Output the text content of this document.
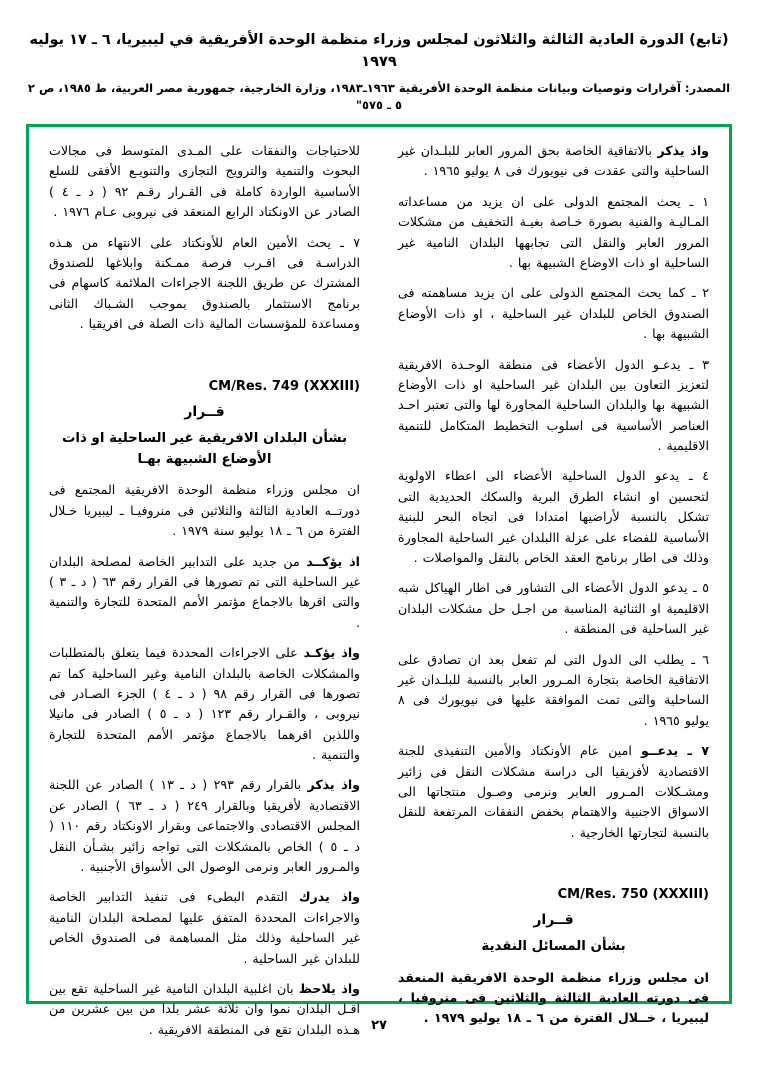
(تابع) الدورة العادية الثالثة والثلاثون لمجلس وزراء منظمة الوحدة الأفريقية في ليبيريا، ٦ ـ ١٧ يوليه ١٩٧٩
المصدر: آقرارات وتوصيات وبيانات منظمة الوحدة الأفريقية ١٩٦٣ـ١٩٨٣، وزارة الخارجية، جمهورية مصر العربية، ط ١٩٨٥، ص ٢ ٥ ـ ٥٧٥"

واذ يذكر بالاتفاقية الخاصة بحق المرور العابر للبلـدان غير الساحلية والتى عقدت فى نيويورك فى ٨ يوليو ١٩٦٥ .

١ ـ يحث المجتمع الدولى على ان يزيد من مساعداته المـاليـة والفنية بصورة خـاصة بغيـة التخفيف من مشكلات المرور العابر والنقل التى تجابهها البلدان النامية غير الساحلية او ذات الاوضاع الشبيهة بها .

٢ ـ كما يحث المجتمع الدولى على ان يزيد مساهمته فى الصندوق الخاص للبلدان غير الساحلية ، او ذات الأوضاع الشبيهة بها .

٣ ـ يدعـو الدول الأعضاء فى منطقة الوحـدة الافريقية لتعزيز التعاون بين البلدان غير الساحلية او ذات الأوضاع الشبيهة بها والبلدان الساحلية المجاورة لها والتى تعتبر احـد العناصر الأساسية فى اسلوب التخطيط المتكامل للتنمية الاقليمية .

٤ ـ يدعو الدول الساحلية الأعضاء الى اعطاء الاولوية لتحسين او انشاء الطرق البرية والسكك الحديدية التى تشكل بالنسبة لأراضيها امتدادا فى اتجاه البحر للبنية الأساسية للفضاء على عزلة االبلدان غير الساحلية المجاورة وذلك فى اطار برنامج العقد الخاص بالنقل والمواصلات .

٥ ـ يدعو الدول الأعضاء الى التشاور فى اطار الهياكل شبه الاقليمية او الثنائية المناسبة من اجـل حل مشكلات البلدان غير الساحلية فى المنطقة .

٦ ـ يطلب الى الدول التى لم تفعل بعد ان تصادق على الاتفاقية الخاصة بتجارة المـرور العابر بالنسبة للبلـدان غير الساحلية والتى تمت الموافقة عليها فى نيويورك فى ٨ يوليو ١٩٦٥ .

٧ ـ يدعــو امين عام الأونكتاد والأمين التنفيذى للجنة الاقتصادية لأفريقيا الى دراسة مشكلات النقل فى زائير ومشـكلات المـرور العابر ونرمى وصـول منتجاتها الى الاسواق الاجنبية والاهتمام بخفض النفقات المرتفعة للنقل بالنسبة لتجارتها الخارجية .

CM/Res. 750 (XXXIII)
قــرار
بشأن المسائل النقدية

ان مجلس وزراء منظمة الوحدة الافريقية المنعقد فى دورته العادية الثالثة والثلاثين فى منروفيا ، ليبيريا ، خــلال الفترة من ٦ ـ ١٨ يوليو ١٩٧٩ .

للاحتياجات والنفقات على المـدى المتوسط فى مجالات البحوث والتنمية والترويج التجارى والتنويـع الأفقى للسلع الأساسية الواردة كاملة فى القـرار رقـم ٩٢ ( د ـ ٤ ) الصادر عن الاونكتاد الرابع المنعقد فى نيروبى عـام ١٩٧٦ .

٧ ـ يحث الأمين العام للأونكتاد على الانتهاء من هـذه الدراسـة فى اقـرب فرصة ممـكنة وابلاغها للصندوق المشترك عن طريق اللجنة الاجراءات الملائمة كاسهام فى برنامج الاستثمار بالصندوق بموجب الشـباك الثانى ومساعدة للمؤسسات المالية ذات الصلة فى افريقيا .

CM/Res. 749 (XXXIII)
قــرار
بشأن البلدان الافريقية غير الساحلية او ذات الأوضاع الشبيهة بهـا

ان مجلس وزراء منظمة الوحدة الافريقية المجتمع فى دورتــه العادية الثالثة والثلاثين فى منروفيـا ـ ليبيريا خـلال الفترة من ٦ ـ ١٨ يوليو سنة ١٩٧٩ .

اذ يؤكــد من جديد على التدابير الخاصة لمصلحة البلدان غير الساحلية التى تم تصورها فى القرار رقم ٦٣ ( د ـ ٣ ) والتى اقرها بالاجماع مؤتمر الأمم المتحدة للتجارة والتنمية .

واذ يؤكـد على الاجراءات المحددة فيما يتعلق بالمتطلبات والمشكلات الخاصة بالبلدان النامية وغير الساحلية كما تم تصورها فى القرار رقم ٩٨ ( د ـ ٤ ) الجزء الصـادر فى نيروبى ، والقـرار رقم ١٢٣ ( د ـ ٥ ) الصادر فى مانيلا واللذين اقرهما بالاجماع مؤتمر الأمم المتحدة للتجارة والتنمية .

واذ يذكر بالقرار رقم ٢٩٣ ( د ـ ١٣ ) الصادر عن اللجنة الاقتصادية لأفريقيا وبالقرار ٢٤٩ ( د ـ ٦٣ ) الصادر عن المجلس الاقتصادى والاجتماعى وبقرار الاونكتاد رقم ١١٠ ( د ـ ٥ ) الخاص بالمشكلات التى تواجه زائير بشـأن النقل والمـرور العابر ونرمى الوصول الى الأسواق الأجنبية .

واذ يدرك التقدم البطىء فى تنفيذ التدابير الخاصة والاجراءات المحددة المتفق عليها لمصلحة البلدان النامية غير الساحلية وذلك مثل المساهمة فى الصندوق الخاص للبلدان غير الساحلية .

واذ يلاحظ بان اغلبية البلدان النامية غير الساحلية تقع بين اقـل البلدان نموا وان ثلاثة عشر بلدا من بين عشرين من هـذه البلدان تقع فى المنطقة الافريقية . ٢٧
